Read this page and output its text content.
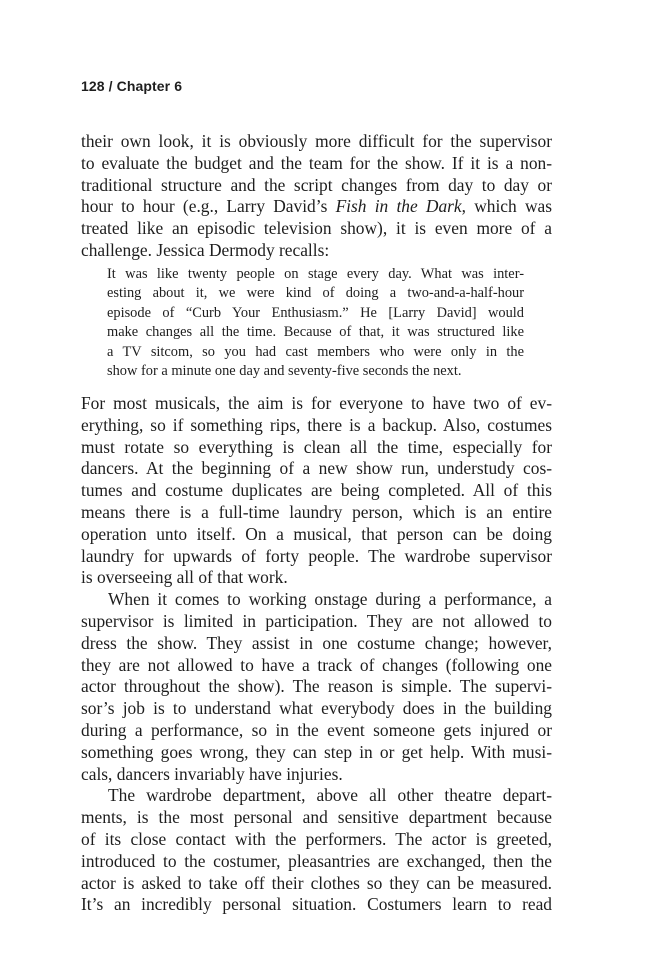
128 / Chapter 6
their own look, it is obviously more difficult for the supervisor
to evaluate the budget and the team for the show. If it is a non-
traditional structure and the script changes from day to day or
hour to hour (e.g., Larry David’s Fish in the Dark, which was
treated like an episodic television show), it is even more of a
challenge. Jessica Dermody recalls:
It was like twenty people on stage every day. What was inter-
esting about it, we were kind of doing a two-and-a-half-hour
episode of “Curb Your Enthusiasm.” He [Larry David] would
make changes all the time. Because of that, it was structured like
a TV sitcom, so you had cast members who were only in the
show for a minute one day and seventy-five seconds the next.
For most musicals, the aim is for everyone to have two of ev-
erything, so if something rips, there is a backup. Also, costumes
must rotate so everything is clean all the time, especially for
dancers. At the beginning of a new show run, understudy cos-
tumes and costume duplicates are being completed. All of this
means there is a full-time laundry person, which is an entire
operation unto itself. On a musical, that person can be doing
laundry for upwards of forty people. The wardrobe supervisor
is overseeing all of that work.
When it comes to working onstage during a performance, a
supervisor is limited in participation. They are not allowed to
dress the show. They assist in one costume change; however,
they are not allowed to have a track of changes (following one
actor throughout the show). The reason is simple. The supervi-
sor’s job is to understand what everybody does in the building
during a performance, so in the event someone gets injured or
something goes wrong, they can step in or get help. With musi-
cals, dancers invariably have injuries.
The wardrobe department, above all other theatre depart-
ments, is the most personal and sensitive department because
of its close contact with the performers. The actor is greeted,
introduced to the costumer, pleasantries are exchanged, then the
actor is asked to take off their clothes so they can be measured.
It’s an incredibly personal situation. Costumers learn to read
